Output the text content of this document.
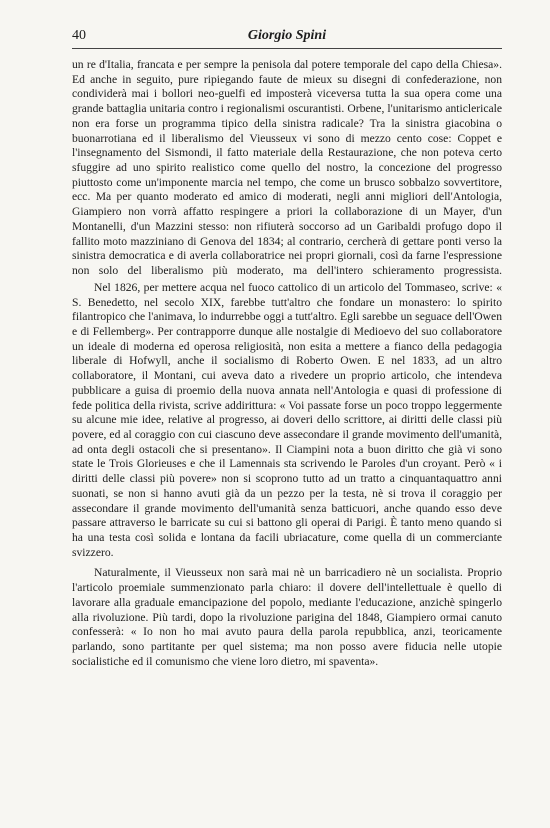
40	Giorgio Spini

un re d'Italia, francata e per sempre la penisola dal potere temporale del capo della Chiesa». Ed anche in seguito, pure ripiegando faute de mieux su disegni di confederazione, non condividerà mai i bollori neo-guelfi ed imposterà viceversa tutta la sua opera come una grande battaglia unitaria contro i regionalismi oscurantisti. Orbene, l'unitarismo anticlericale non era forse un programma tipico della sinistra radicale? Tra la sinistra giacobina o buonarrotiana ed il liberalismo del Vieusseux vi sono di mezzo cento cose: Coppet e l'insegnamento del Sismondi, il fatto materiale della Restaurazione, che non poteva certo sfuggire ad uno spirito realistico come quello del nostro, la concezione del progresso piuttosto come un'imponente marcia nel tempo, che come un brusco sobbalzo sovvertitore, ecc. Ma per quanto moderato ed amico di moderati, negli anni migliori dell'Antologia, Giampiero non vorrà affatto respingere a priori la collaborazione di un Mayer, d'un Montanelli, d'un Mazzini stesso: non rifiuterà soccorso ad un Garibaldi profugo dopo il fallito moto mazziniano di Genova del 1834; al contrario, cercherà di gettare ponti verso la sinistra democratica e di averla collaboratrice nei propri giornali, così da farne l'espressione non solo del liberalismo più moderato, ma dell'intero schieramento progressista.

Nel 1826, per mettere acqua nel fuoco cattolico di un articolo del Tommaseo, scrive: « S. Benedetto, nel secolo XIX, farebbe tutt'altro che fondare un monastero: lo spirito filantropico che l'animava, lo indurrebbe oggi a tutt'altro. Egli sarebbe un seguace dell'Owen e di Fellemberg». Per contrapporre dunque alle nostalgie di Medioevo del suo collaboratore un ideale di moderna ed operosa religiosità, non esita a mettere a fianco della pedagogia liberale di Hofwyll, anche il socialismo di Roberto Owen. E nel 1833, ad un altro collaboratore, il Montani, cui aveva dato a rivedere un proprio articolo, che intendeva pubblicare a guisa di proemio della nuova annata nell'Antologia e quasi di professione di fede politica della rivista, scrive addirittura: « Voi passate forse un poco troppo leggermente su alcune mie idee, relative al progresso, ai doveri dello scrittore, ai diritti delle classi più povere, ed al coraggio con cui ciascuno deve assecondare il grande movimento dell'umanità, ad onta degli ostacoli che si presentano». Il Ciampini nota a buon diritto che già vi sono state le Trois Glorieuses e che il Lamennais sta scrivendo le Paroles d'un croyant. Però « i diritti delle classi più povere» non si scoprono tutto ad un tratto a cinquantaquattro anni suonati, se non si hanno avuti già da un pezzo per la testa, nè si trova il coraggio per assecondare il grande movimento dell'umanità senza batticuori, anche quando esso deve passare attraverso le barricate su cui si battono gli operai di Parigi. È tanto meno quando si ha una testa così solida e lontana da facili ubriacature, come quella di un commerciante svizzero.

Naturalmente, il Vieusseux non sarà mai nè un barricadiero nè un socialista. Proprio l'articolo proemiale summenzionato parla chiaro: il dovere dell'intellettuale è quello di lavorare alla graduale emancipazione del popolo, mediante l'educazione, anzichè spingerlo alla rivoluzione. Più tardi, dopo la rivoluzione parigina del 1848, Giampiero ormai canuto confesserà: « Io non ho mai avuto paura della parola repubblica, anzi, teoricamente parlando, sono partitante per quel sistema; ma non posso avere fiducia nelle utopie socialistiche ed il comunismo che viene loro dietro, mi spaventa».
